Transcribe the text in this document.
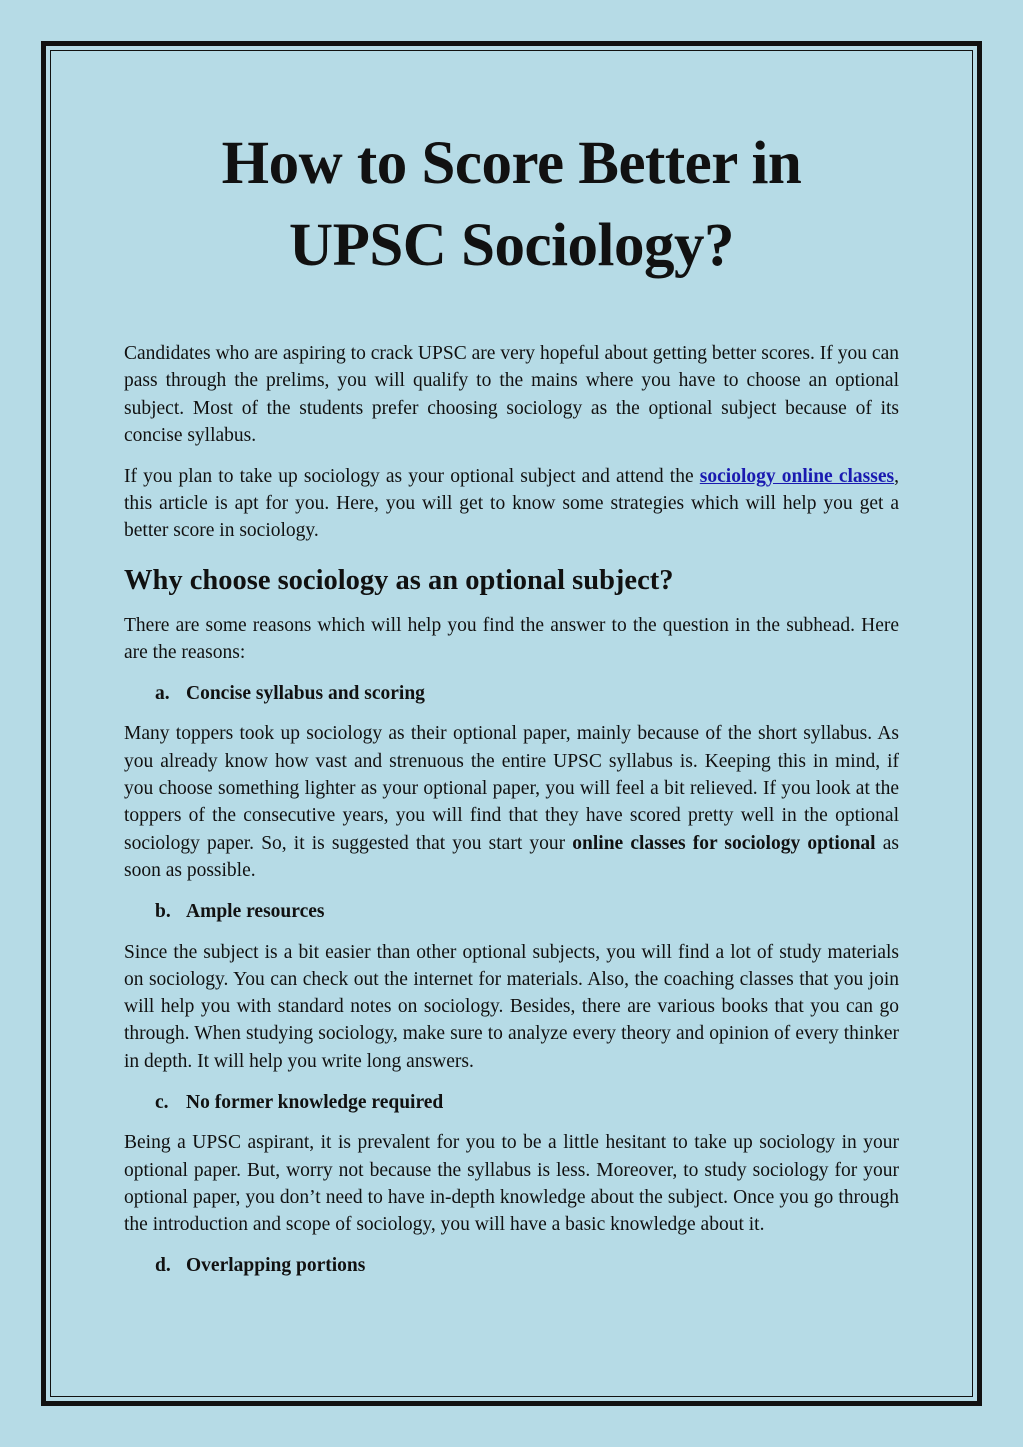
How to Score Better in
UPSC Sociology?

Candidates who are aspiring to crack UPSC are very hopeful about getting better scores. If you can pass through the prelims, you will qualify to the mains where you have to choose an optional subject. Most of the students prefer choosing sociology as the optional subject because of its concise syllabus.

If you plan to take up sociology as your optional subject and attend the sociology online classes, this article is apt for you. Here, you will get to know some strategies which will help you get a better score in sociology.

Why choose sociology as an optional subject?

There are some reasons which will help you find the answer to the question in the subhead. Here are the reasons:

a. Concise syllabus and scoring

Many toppers took up sociology as their optional paper, mainly because of the short syllabus. As you already know how vast and strenuous the entire UPSC syllabus is. Keeping this in mind, if you choose something lighter as your optional paper, you will feel a bit relieved. If you look at the toppers of the consecutive years, you will find that they have scored pretty well in the optional sociology paper. So, it is suggested that you start your online classes for sociology optional as soon as possible.

b. Ample resources

Since the subject is a bit easier than other optional subjects, you will find a lot of study materials on sociology. You can check out the internet for materials. Also, the coaching classes that you join will help you with standard notes on sociology. Besides, there are various books that you can go through. When studying sociology, make sure to analyze every theory and opinion of every thinker in depth. It will help you write long answers.

c. No former knowledge required

Being a UPSC aspirant, it is prevalent for you to be a little hesitant to take up sociology in your optional paper. But, worry not because the syllabus is less. Moreover, to study sociology for your optional paper, you don’t need to have in-depth knowledge about the subject. Once you go through the introduction and scope of sociology, you will have a basic knowledge about it.

d. Overlapping portions
